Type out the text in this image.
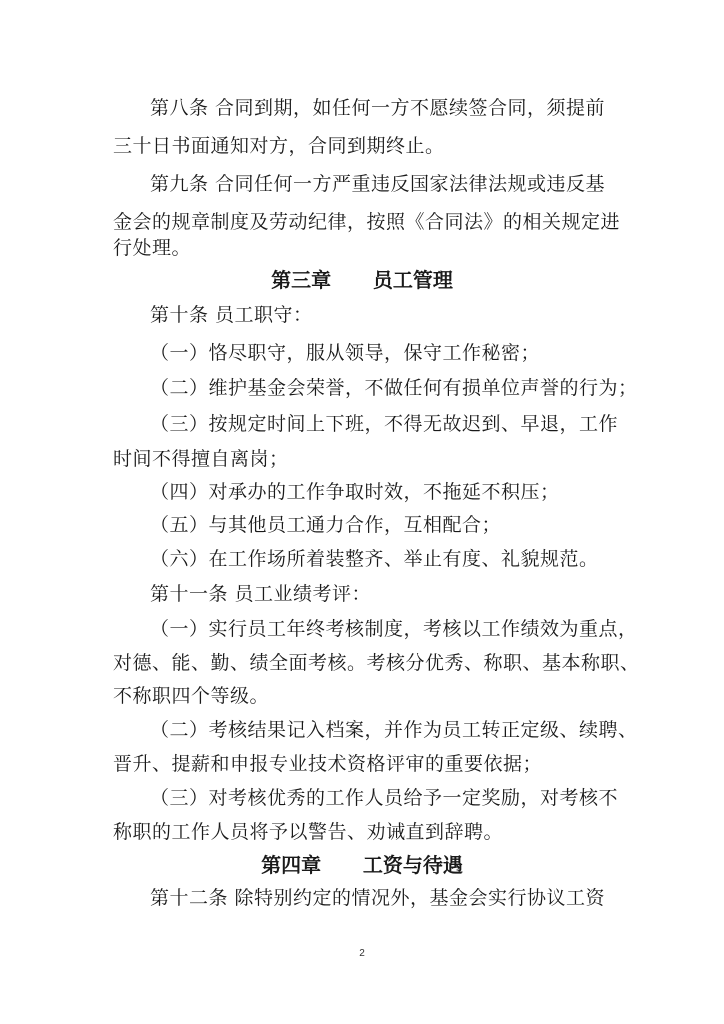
第八条 合同到期，如任何一方不愿续签合同，须提前
三十日书面通知对方，合同到期终止。
第九条 合同任何一方严重违反国家法律法规或违反基
金会的规章制度及劳动纪律，按照《合同法》的相关规定进
行处理。
第三章      员工管理
第十条 员工职守：
（一）恪尽职守，服从领导，保守工作秘密；
（二）维护基金会荣誉，不做任何有损单位声誉的行为；
（三）按规定时间上下班，不得无故迟到、早退，工作
时间不得擅自离岗；
（四）对承办的工作争取时效，不拖延不积压；
（五）与其他员工通力合作，互相配合；
（六）在工作场所着装整齐、举止有度、礼貌规范。
第十一条 员工业绩考评：
（一）实行员工年终考核制度，考核以工作绩效为重点，
对德、能、勤、绩全面考核。考核分优秀、称职、基本称职、
不称职四个等级。
（二）考核结果记入档案，并作为员工转正定级、续聘、
晋升、提薪和申报专业技术资格评审的重要依据；
（三）对考核优秀的工作人员给予一定奖励，对考核不
称职的工作人员将予以警告、劝诫直到辞聘。
第四章      工资与待遇
第十二条 除特别约定的情况外，基金会实行协议工资
2
